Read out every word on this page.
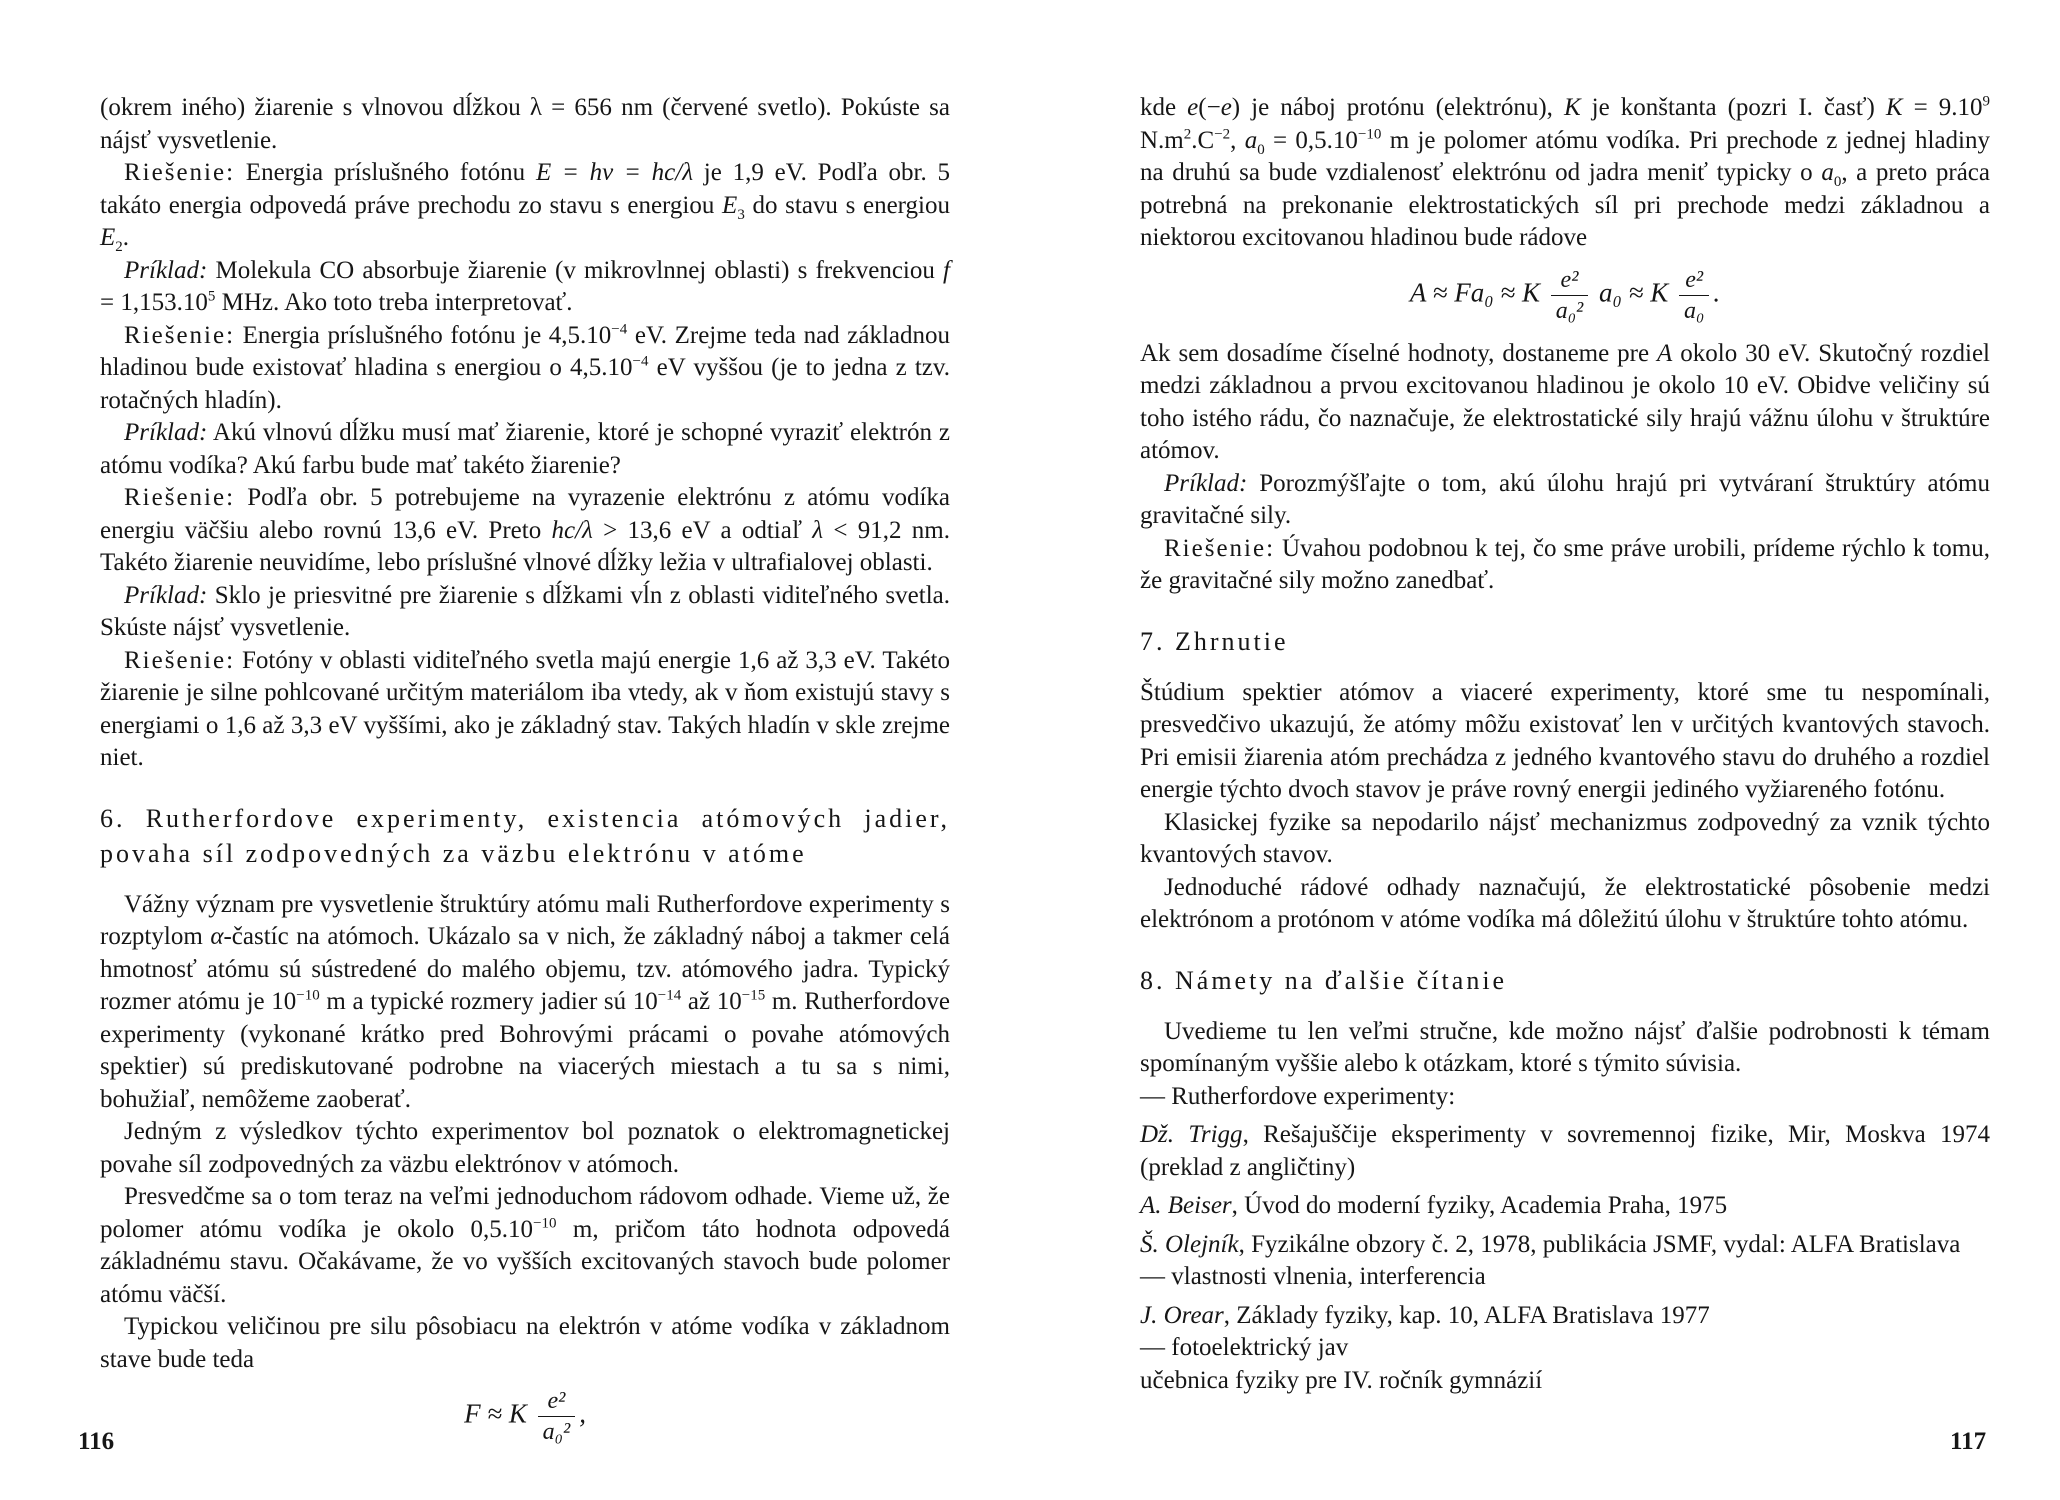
(okrem iného) žiarenie s vlnovou dĺžkou λ = 656 nm (červené svetlo). Pokúste sa nájsť vysvetlenie.

Riešenie: Energia príslušného fotónu E = hν = hc/λ je 1,9 eV. Podľa obr. 5 takáto energia odpovedá práve prechodu zo stavu s energiou $E_3$ do stavu s energiou $E_2$.

Príklad: Molekula CO absorbuje žiarenie (v mikrovlnnej oblasti) s frekvenciou $f = 1,153.10^5$ MHz. Ako toto treba interpretovať.

Riešenie: Energia príslušného fotónu je $4,5.10^{-4}$ eV. Zrejme teda nad základnou hladinou bude existovať hladina s energiou o $4,5.10^{-4}$ eV vyššou (je to jedna z tzv. rotačných hladín).

Príklad: Akú vlnovú dĺžku musí mať žiarenie, ktoré je schopné vyraziť elektrón z atómu vodíka? Akú farbu bude mať takéto žiarenie?

Riešenie: Podľa obr. 5 potrebujeme na vyrazenie elektrónu z atómu vodíka energiu väčšiu alebo rovnú 13,6 eV. Preto hc/λ > 13,6 eV a odtiaľ λ < 91,2 nm. Takéto žiarenie neuvidíme, lebo príslušné vlnové dĺžky ležia v ultrafialovej oblasti.

Príklad: Sklo je priesvitné pre žiarenie s dĺžkami vĺn z oblasti viditeľného svetla. Skúste nájsť vysvetlenie.

Riešenie: Fotóny v oblasti viditeľného svetla majú energie 1,6 až 3,3 eV. Takéto žiarenie je silne pohlcované určitým materiálom iba vtedy, ak v ňom existujú stavy s energiami o 1,6 až 3,3 eV vyššími, ako je základný stav. Takých hladín v skle zrejme niet.

6. Rutherfordove experimenty, existencia atómových jadier, povaha síl zodpovedných za väzbu elektrónu v atóme

Vážny význam pre vysvetlenie štruktúry atómu mali Rutherfordove experimenty s rozptylom α-častíc na atómoch. Ukázalo sa v nich, že základný náboj a takmer celá hmotnosť atómu sú sústredené do malého objemu, tzv. atómového jadra. Typický rozmer atómu je $10^{-10}$ m a typické rozmery jadier sú $10^{-14}$ až $10^{-15}$ m. Rutherfordove experimenty (vykonané krátko pred Bohrovými prácami o povahe atómových spektier) sú prediskutované podrobne na viacerých miestach a tu sa s nimi, bohužiaľ, nemôžeme zaoberať.

Jedným z výsledkov týchto experimentov bol poznatok o elektromagnetickej povahe síl zodpovedných za väzbu elektrónov v atómoch.

Presvedčme sa o tom teraz na veľmi jednoduchom rádovom odhade. Vieme už, že polomer atómu vodíka je okolo $0,5.10^{-10}$ m, pričom táto hodnota odpovedá základnému stavu. Očakávame, že vo vyšších excitovaných stavoch bude polomer atómu väčší.

Typickou veličinou pre silu pôsobiacu na elektrón v atóme vodíka v základnom stave bude teda

F ≈ K $\frac{\text{e²}}{\text{a₀²}}$ ,
116

kde e(−e) je náboj protónu (elektrónu), K je konštanta (pozri I. časť) $K = 9.10^9$ $N.m^2.C^{-2}$, $a_0 = 0,5.10^{-10}$ m je polomer atómu vodíka. Pri prechode z jednej hladiny na druhú sa bude vzdialenosť elektrónu od jadra meniť typicky o $a_0$, a preto práca potrebná na prekonanie elektrostatických síl pri prechode medzi základnou a niektorou excitovanou hladinou bude rádove

A ≈ Fa₀ ≈ K $\frac{\text{e²}}{\text{a₀²}} a_0 \approx K \frac{\text{e²}}{\text{a₀}}$ .

Ak sem dosadíme číselné hodnoty, dostaneme pre A okolo 30 eV. Skutočný rozdiel medzi základnou a prvou excitovanou hladinou je okolo 10 eV. Obidve veličiny sú toho istého rádu, čo naznačuje, že elektrostatické sily hrajú vážnu úlohu v štruktúre atómov.

Príklad: Porozmýšľajte o tom, akú úlohu hrajú pri vytváraní štruktúry atómu gravitačné sily.

Riešenie: Úvahou podobnou k tej, čo sme práve urobili, prídeme rýchlo k tomu, že gravitačné sily možno zanedbať.

7. Zhrnutie

Štúdium spektier atómov a viaceré experimenty, ktoré sme tu nespomínali, presvedčivo ukazujú, že atómy môžu existovať len v určitých kvantových stavoch. Pri emisii žiarenia atóm prechádza z jedného kvantového stavu do druhého a rozdiel energie týchto dvoch stavov je práve rovný energii jediného vyžiareného fotónu.

Klasickej fyzike sa nepodarilo nájsť mechanizmus zodpovedný za vznik týchto kvantových stavov.

Jednoduché rádové odhady naznačujú, že elektrostatické pôsobenie medzi elektrónom a protónom v atóme vodíka má dôležitú úlohu v štruktúre tohto atómu.

8. Námety na ďalšie čítanie

Uvedieme tu len veľmi stručne, kde možno nájsť ďalšie podrobnosti k témam spomínaným vyššie alebo k otázkam, ktoré s týmito súvisia.

— Rutherfordove experimenty:

Dž. Trigg, Rešajuščije eksperimenty v sovremennoj fizike, Mir, Moskva 1974 (preklad z angličtiny)

A. Beiser, Úvod do moderní fyziky, Academia Praha, 1975

Š. Olejník, Fyzikálne obzory č. 2, 1978, publikácia JSMF, vydal: ALFA Bratislava

— vlastnosti vlnenia, interferencia

J. Orear, Základy fyziky, kap. 10, ALFA Bratislava 1977

— fotoelektrický jav

učebnica fyziky pre IV. ročník gymnázií

117
